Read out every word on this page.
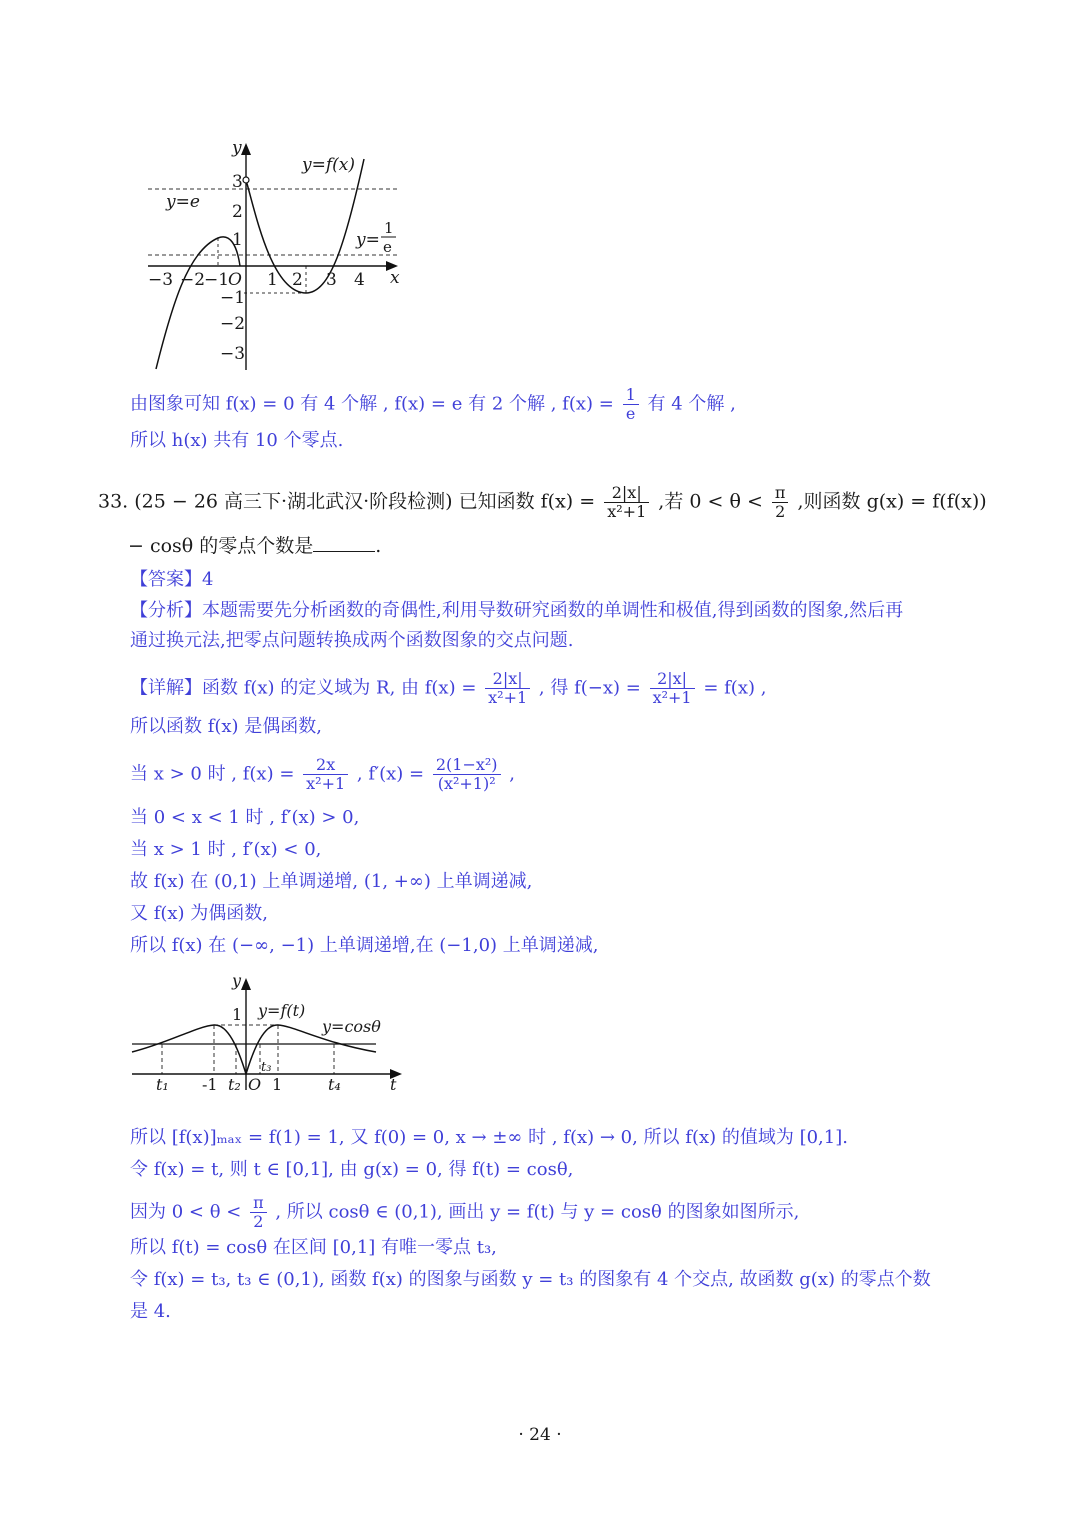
y
x
y=f(x)
y=e
y=
1
e
O
−3 −2
−1 1 2 3 4
3
2
1
−1
−2
−3
由图象可知 f(x) = 0 有 4 个解 , f(x) = e 有 2 个解 , $f(x) = \frac{1}{e}$ 有 4 个解 ,
所以 h(x) 共有 10 个零点.
33. (25 − 26 高三下·湖北武汉·阶段检测) 已知函数 $f(x) = \frac{2|x|}{\text{x²+1}}$ ,若 $0 < \theta < \frac{\pi}{2}$ ,则函数 g(x) = f(f(x))
− cosθ 的零点个数是	.
【答案】4
【分析】本题需要先分析函数的奇偶性,利用导数研究函数的单调性和极值,得到函数的图象,然后再
通过换元法,把零点问题转换成两个函数图象的交点问题.
【详解】函数 f(x) 的定义域为 R, 由 $f(x) = \frac{2|x|}{\text{x²+1}}$ , 得 $f(-x) = \frac{2|x|}{\text{x²+1}} = f(x)$ ,
所以函数 f(x) 是偶函数,
当 x > 0 时 , $f(x) = \frac{2x}{\text{x²+1}}$ , $f'(x) = \frac{\text{2(1−x²)}}{\text{(x²+1)²}}$ ,
当 0 < x < 1 时 , f′(x) > 0,
当 x > 1 时 , f′(x) < 0,
故 f(x) 在 (0,1) 上单调递增, (1, +∞) 上单调递减,
又 f(x) 为偶函数,
所以 f(x) 在 (−∞, −1) 上单调递增,在 (−1,0) 上单调递减,
y
t
1 y=f(t)
y=cosθ
O
t₁ -1 t₂ 1
t₃
t₄
所以 [f(x)]ₘₐₓ = f(1) = 1, 又 f(0) = 0, x → ±∞ 时 , f(x) → 0, 所以 f(x) 的值域为 [0,1].
令 f(x) = t, 则 t ∈ [0,1], 由 g(x) = 0, 得 f(t) = cosθ,
因为 $0 < \theta < \frac{\pi}{2}$ , 所以 cosθ ∈ (0,1), 画出 y = f(t) 与 y = cosθ 的图象如图所示,
所以 f(t) = cosθ 在区间 [0,1] 有唯一零点 t₃,
令 f(x) = t₃, t₃ ∈ (0,1), 函数 f(x) 的图象与函数 y = t₃ 的图象有 4 个交点, 故函数 g(x) 的零点个数
是 4.
· 24 ·
